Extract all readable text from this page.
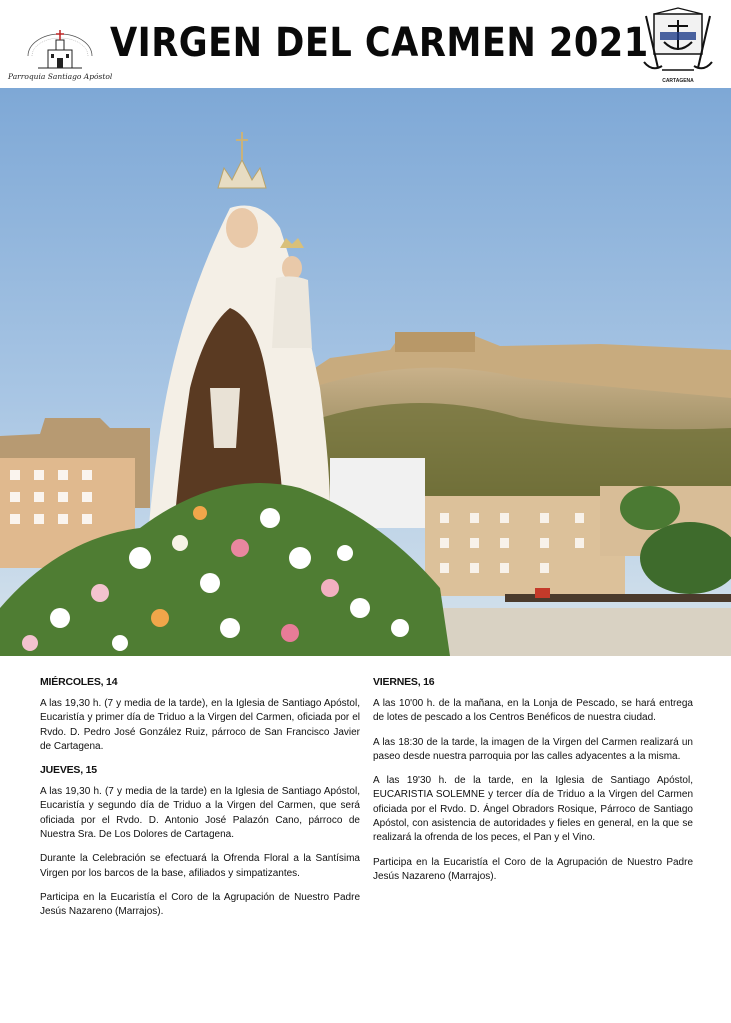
Parroquia Santiago Apóstol
VIRGEN DEL CARMEN 2021
CARTAGENA
MIÉRCOLES, 14

A las 19,30 h. (7 y media de la tarde), en la Iglesia de Santiago Apóstol, Eucaristía y primer día de Triduo a la Virgen del Carmen, oficiada por el Rvdo. D. Pedro José González Ruiz, párroco de San Francisco Javier de Cartagena.

JUEVES, 15

A las 19,30 h. (7 y media de la tarde) en la Iglesia de Santiago Apóstol, Eucaristía y segundo día de Triduo a la Virgen del Carmen, que será oficiada por el Rvdo. D. Antonio José Palazón Cano, párroco de Nuestra Sra. De Los Dolores de Cartagena.

Durante la Celebración se efectuará la Ofrenda Floral a la Santísima Virgen por los barcos de la base, afiliados y simpatizantes.

Participa en la Eucaristía el Coro de la Agrupación de Nuestro Padre Jesús Nazareno (Marrajos).

VIERNES, 16

A las 10'00 h. de la mañana, en la Lonja de Pescado, se hará entrega de lotes de pescado a los Centros Benéficos de nuestra ciudad.

A las 18:30 de la tarde, la imagen de la Virgen del Carmen realizará un paseo desde nuestra parroquia por las calles adyacentes a la misma.

A las 19'30 h. de la tarde, en la Iglesia de Santiago Apóstol, EUCARISTIA SOLEMNE y tercer día de Triduo a la Virgen del Carmen oficiada por el Rvdo. D. Ángel Obradors Rosique, Párroco de Santiago Apóstol, con asistencia de autoridades y fieles en general, en la que se realizará la ofrenda de los peces, el Pan y el Vino.

Participa en la Eucaristía el Coro de la Agrupación de Nuestro Padre Jesús Nazareno (Marrajos).
